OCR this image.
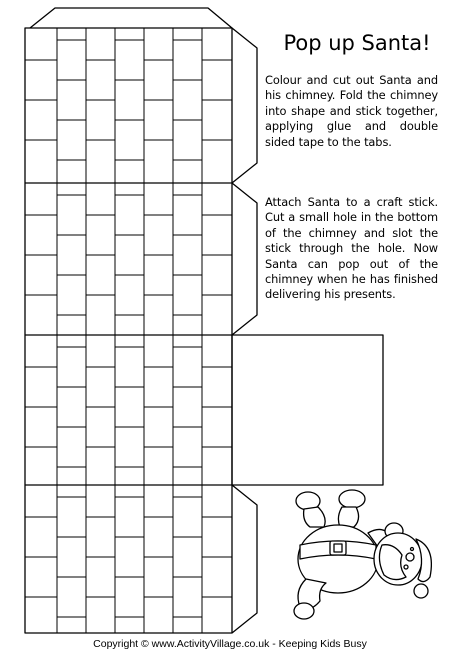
Pop up Santa!

Colour and cut out Santa and his chimney. Fold the chimney into shape and stick together, applying glue and double sided tape to the tabs.

Attach Santa to a craft stick. Cut a small hole in the bottom of the chimney and slot the stick through the hole. Now Santa can pop out of the chimney when he has finished delivering his presents.

Copyright © www.ActivityVillage.co.uk - Keeping Kids Busy
